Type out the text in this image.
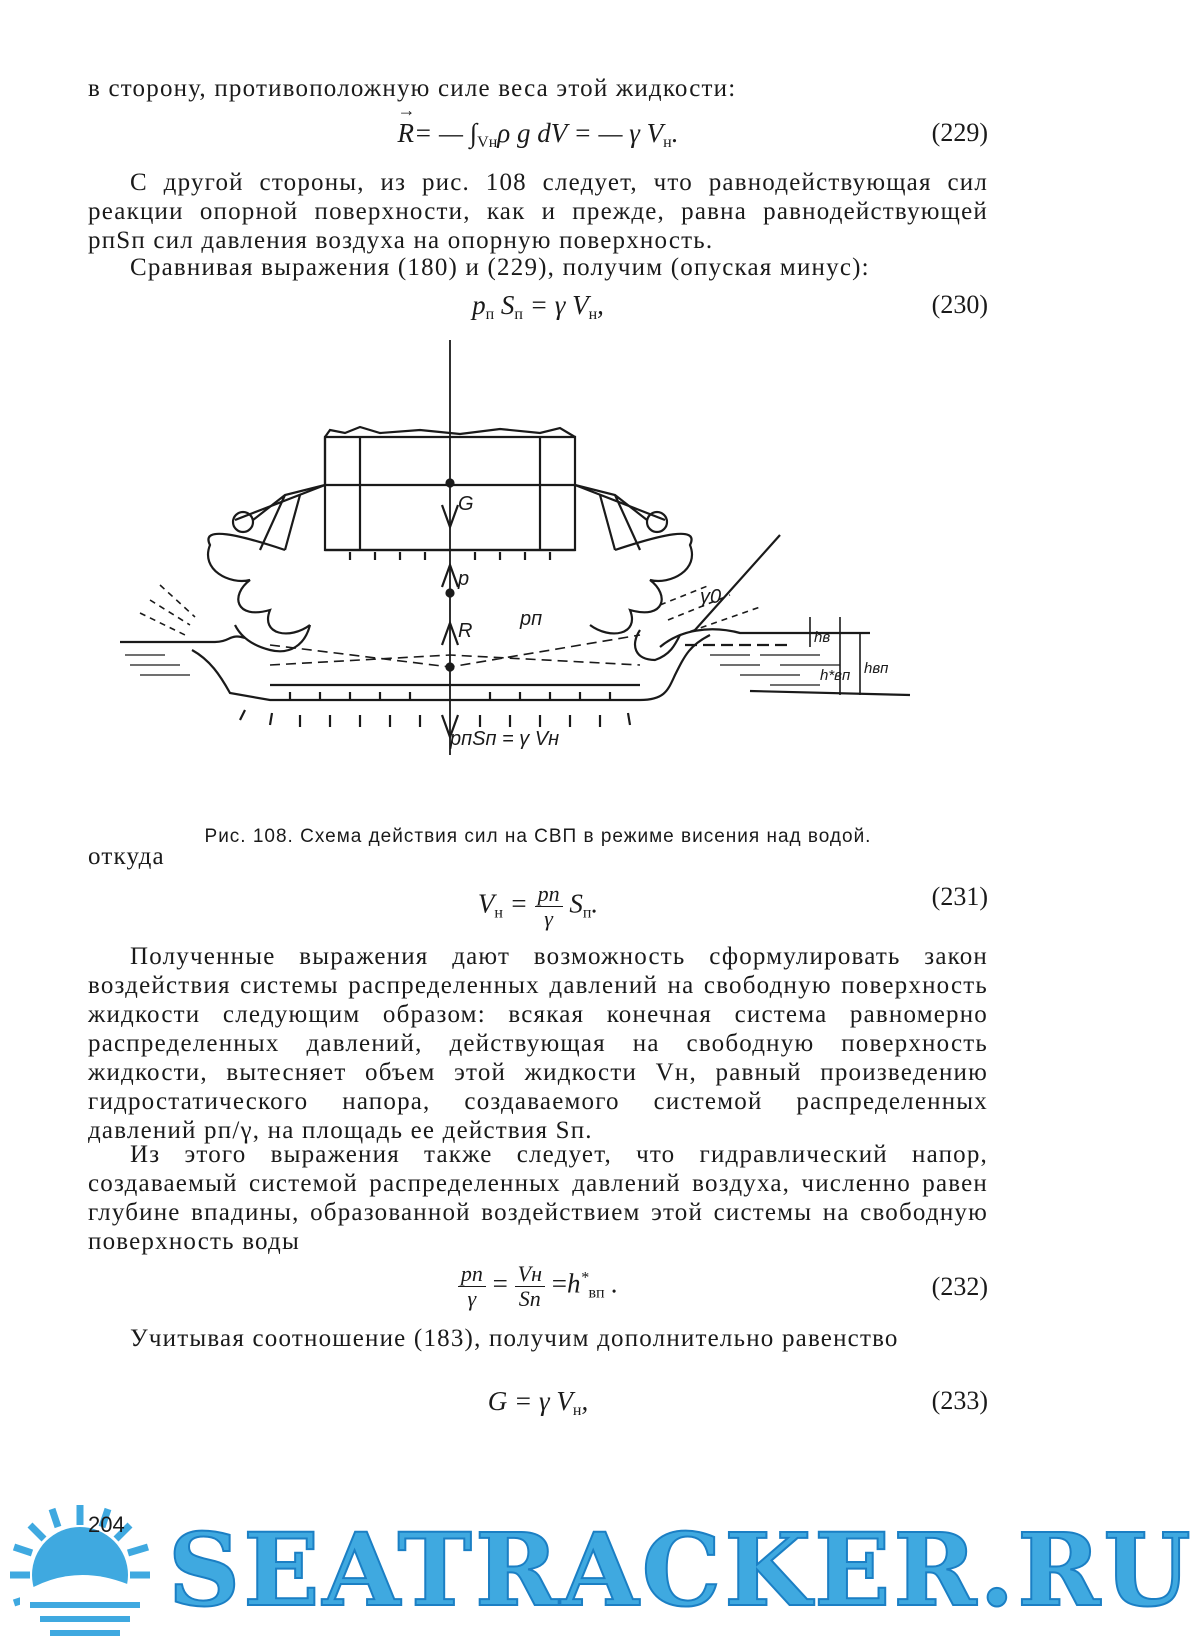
в сторону, противоположную силе веса этой жидкости:

→ R= — $\int_{Vн}\rho$ g dV = — γ $V_н$.	(229)

С другой стороны, из рис. 108 следует, что равнодействующая сил реакции опорной поверхности, как и прежде, равна равнодействующей pпSп сил давления воздуха на опорную поверхность.

Сравнивая выражения (180) и (229), получим (опуская минус):

$p_п$ $S_п = \gamma$ $V_н$,	(230)
G
p
R
pп
pпSп = γ Vн
γ0
hв
h*вп hвп
Рис. 108. Схема действия сил на СВП в режиме висения над водой.

откуда

$V_н = \frac{pп}{\gamma} S_п$.	(231)

Полученные выражения дают возможность сформулировать закон воздействия системы распределенных давлений на свободную поверхность жидкости следующим образом: всякая конечная система равномерно распределенных давлений, действующая на свободную поверхность жидкости, вытесняет объем этой жидкости Vн, равный произведению гидростатического напора, создаваемого системой распределенных давлений pп/γ, на площадь ее действия Sп.

Из этого выражения также следует, что гидравлический напор, создаваемый системой распределенных давлений воздуха, численно равен глубине впадины, образованной воздействием этой системы на свободную поверхность воды

$\frac{pп}{\gamma} = \frac{Vн}{Sп} =h^*_{вп}$ .	(232)

Учитывая соотношение (183), получим дополнительно равенство

G = γ $V_н$,	(233)
204 SEATRACKER.RU
